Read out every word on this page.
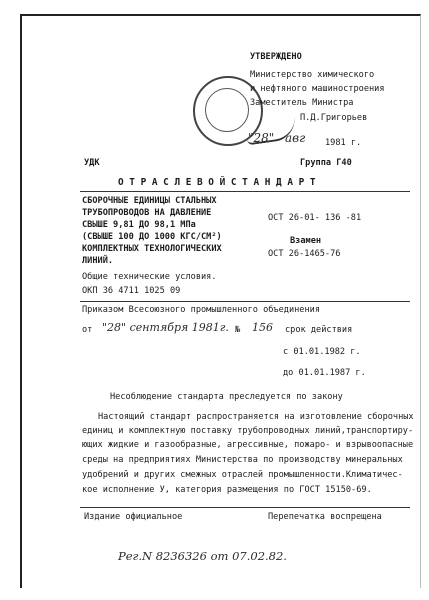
УТВЕРЖДЕНО
Министерство химического
и нефтяного машиностроения
Заместитель Министра
П.Д.Григорьев
"28" авг 1981 г.
УДК	Группа Г40
О Т Р А С Л Е В О Й С Т А Н Д А Р Т
СБОРОЧНЫЕ ЕДИНИЦЫ СТАЛЬНЫХ
ТРУБОПРОВОДОВ НА ДАВЛЕНИЕ
СВЫШЕ 9,81 ДО 98,1 МПа
(СВЫШЕ 100 ДО 1000 КГС/СМ²)
КОМПЛЕКТНЫХ ТЕХНОЛОГИЧЕСКИХ
ЛИНИЙ.
Общие технические условия.
ОКП 36 4711 1025 09
ОСТ 26-01- 136 -81
Взамен
ОСТ 26-1465-76
Приказом Всесоюзного промышленного объединения
от "28" сентября 1981г. № 156 срок действия
с 01.01.1982 г.
до 01.01.1987 г.
Несоблюдение стандарта преследуется по закону
Настоящий стандарт распространяется на изготовление сборочных
единиц и комплектную поставку трубопроводных линий,транспортиру-
ющих жидкие и газообразные, агрессивные, пожаро- и взрывоопасные
среды на предприятиях Министерства по производству минеральных
удобрений и других смежных отраслей промышленности.Климатичес-
кое исполнение У, категория размещения по ГОСТ 15150-69.
Издание официальное	Перепечатка воспрещена
Рег.N 8236326 от 07.02.82.
